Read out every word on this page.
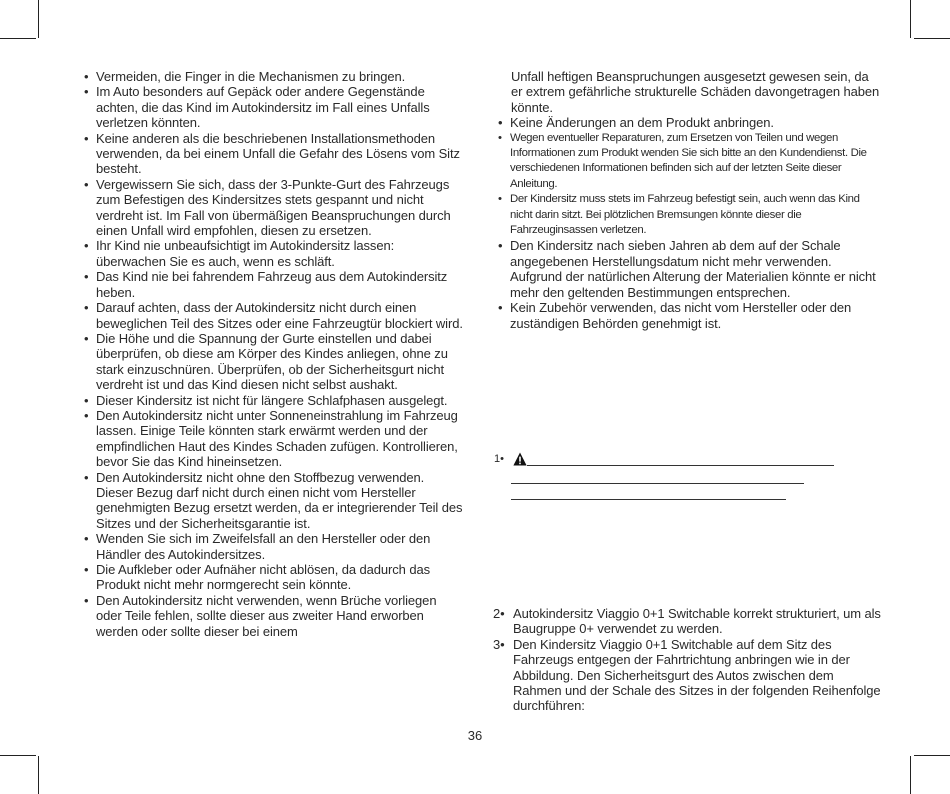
• Vermeiden, die Finger in die Mechanismen zu bringen.
• Im Auto besonders auf Gepäck oder andere Gegenstände achten, die das Kind im Autokindersitz im Fall eines Unfalls verletzen könnten.
• Keine anderen als die beschriebenen Installationsmethoden verwenden, da bei einem Unfall die Gefahr des Lösens vom Sitz besteht.
• Vergewissern Sie sich, dass der 3-Punkte-Gurt des Fahrzeugs zum Befestigen des Kindersitzes stets gespannt und nicht verdreht ist. Im Fall von übermäßigen Beanspruchungen durch einen Unfall wird empfohlen, diesen zu ersetzen.
• Ihr Kind nie unbeaufsichtigt im Autokindersitz lassen: überwachen Sie es auch, wenn es schläft.
• Das Kind nie bei fahrendem Fahrzeug aus dem Autokindersitz heben.
• Darauf achten, dass der Autokindersitz nicht durch einen beweglichen Teil des Sitzes oder eine Fahrzeugtür blockiert wird.
• Die Höhe und die Spannung der Gurte einstellen und dabei überprüfen, ob diese am Körper des Kindes anliegen, ohne zu stark einzuschnüren. Überprüfen, ob der Sicherheitsgurt nicht verdreht ist und das Kind diesen nicht selbst aushakt.
• Dieser Kindersitz ist nicht für längere Schlafphasen ausgelegt.
• Den Autokindersitz nicht unter Sonneneinstrahlung im Fahrzeug lassen. Einige Teile könnten stark erwärmt werden und der empfindlichen Haut des Kindes Schaden zufügen. Kontrollieren, bevor Sie das Kind hineinsetzen.
• Den Autokindersitz nicht ohne den Stoffbezug verwenden. Dieser Bezug darf nicht durch einen nicht vom Hersteller genehmigten Bezug ersetzt werden, da er integrierender Teil des Sitzes und der Sicherheitsgarantie ist.
• Wenden Sie sich im Zweifelsfall an den Hersteller oder den Händler des Autokindersitzes.
• Die Aufkleber oder Aufnäher nicht ablösen, da dadurch das Produkt nicht mehr normgerecht sein könnte.
• Den Autokindersitz nicht verwenden, wenn Brüche vorliegen oder Teile fehlen, sollte dieser aus zweiter Hand erworben werden oder sollte dieser bei einem
Unfall heftigen Beanspruchungen ausgesetzt gewesen sein, da er extrem gefährliche strukturelle Schäden davongetragen haben könnte.
• Keine Änderungen an dem Produkt anbringen.
• Wegen eventueller Reparaturen, zum Ersetzen von Teilen und wegen Informationen zum Produkt wenden Sie sich bitte an den Kundendienst. Die verschiedenen Informationen befinden sich auf der letzten Seite dieser Anleitung.
• Der Kindersitz muss stets im Fahrzeug befestigt sein, auch wenn das Kind nicht darin sitzt. Bei plötzlichen Bremsungen könnte dieser die Fahrzeuginsassen verletzen.
• Den Kindersitz nach sieben Jahren ab dem auf der Schale angegebenen Herstellungsdatum nicht mehr verwenden. Aufgrund der natürlichen Alterung der Materialien könnte er nicht mehr den geltenden Bestimmungen entsprechen.
• Kein Zubehör verwenden, das nicht vom Hersteller oder den zuständigen Behörden genehmigt ist.
1•
2• Autokindersitz Viaggio 0+1 Switchable korrekt strukturiert, um als Baugruppe 0+ verwendet zu werden.
3• Den Kindersitz Viaggio 0+1 Switchable auf dem Sitz des Fahrzeugs entgegen der Fahrtrichtung anbringen wie in der Abbildung. Den Sicherheitsgurt des Autos zwischen dem Rahmen und der Schale des Sitzes in der folgenden Reihenfolge durchführen:
36
